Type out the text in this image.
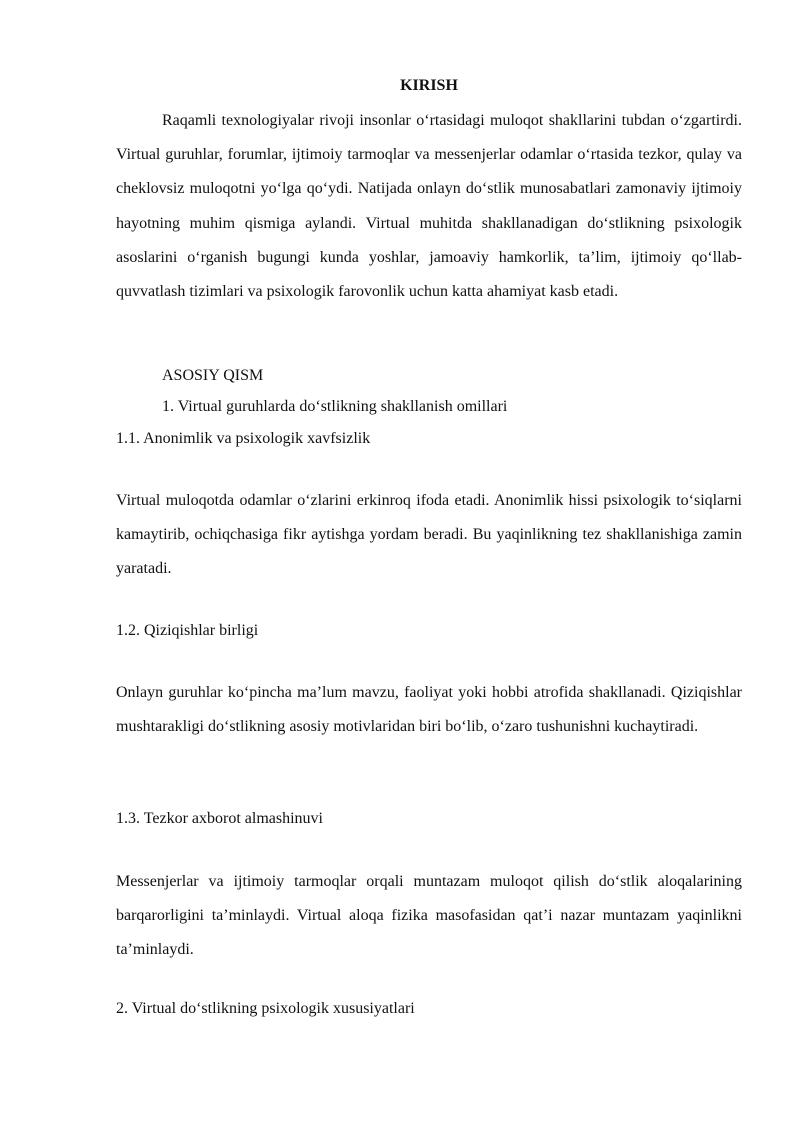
KIRISH

Raqamli texnologiyalar rivoji insonlar o‘rtasidagi muloqot shakllarini tubdan o‘zgartirdi. Virtual guruhlar, forumlar, ijtimoiy tarmoqlar va messenjerlar odamlar o‘rtasida tezkor, qulay va cheklovsiz muloqotni yo‘lga qo‘ydi. Natijada onlayn do‘stlik munosabatlari zamonaviy ijtimoiy hayotning muhim qismiga aylandi. Virtual muhitda shakllanadigan do‘stlikning psixologik asoslarini o‘rganish bugungi kunda yoshlar, jamoaviy hamkorlik, ta’lim, ijtimoiy qo‘llab-quvvatlash tizimlari va psixologik farovonlik uchun katta ahamiyat kasb etadi.

ASOSIY QISM
1. Virtual guruhlarda do‘stlikning shakllanish omillari
1.1. Anonimlik va psixologik xavfsizlik

Virtual muloqotda odamlar o‘zlarini erkinroq ifoda etadi. Anonimlik hissi psixologik to‘siqlarni kamaytirib, ochiqchasiga fikr aytishga yordam beradi. Bu yaqinlikning tez shakllanishiga zamin yaratadi.

1.2. Qiziqishlar birligi

Onlayn guruhlar ko‘pincha ma’lum mavzu, faoliyat yoki hobbi atrofida shakllanadi. Qiziqishlar mushtarakligi do‘stlikning asosiy motivlaridan biri bo‘lib, o‘zaro tushunishni kuchaytiradi.

1.3. Tezkor axborot almashinuvi

Messenjerlar va ijtimoiy tarmoqlar orqali muntazam muloqot qilish do‘stlik aloqalarining barqarorligini ta’minlaydi. Virtual aloqa fizika masofasidan qat’i nazar muntazam yaqinlikni ta’minlaydi.

2. Virtual do‘stlikning psixologik xususiyatlari
